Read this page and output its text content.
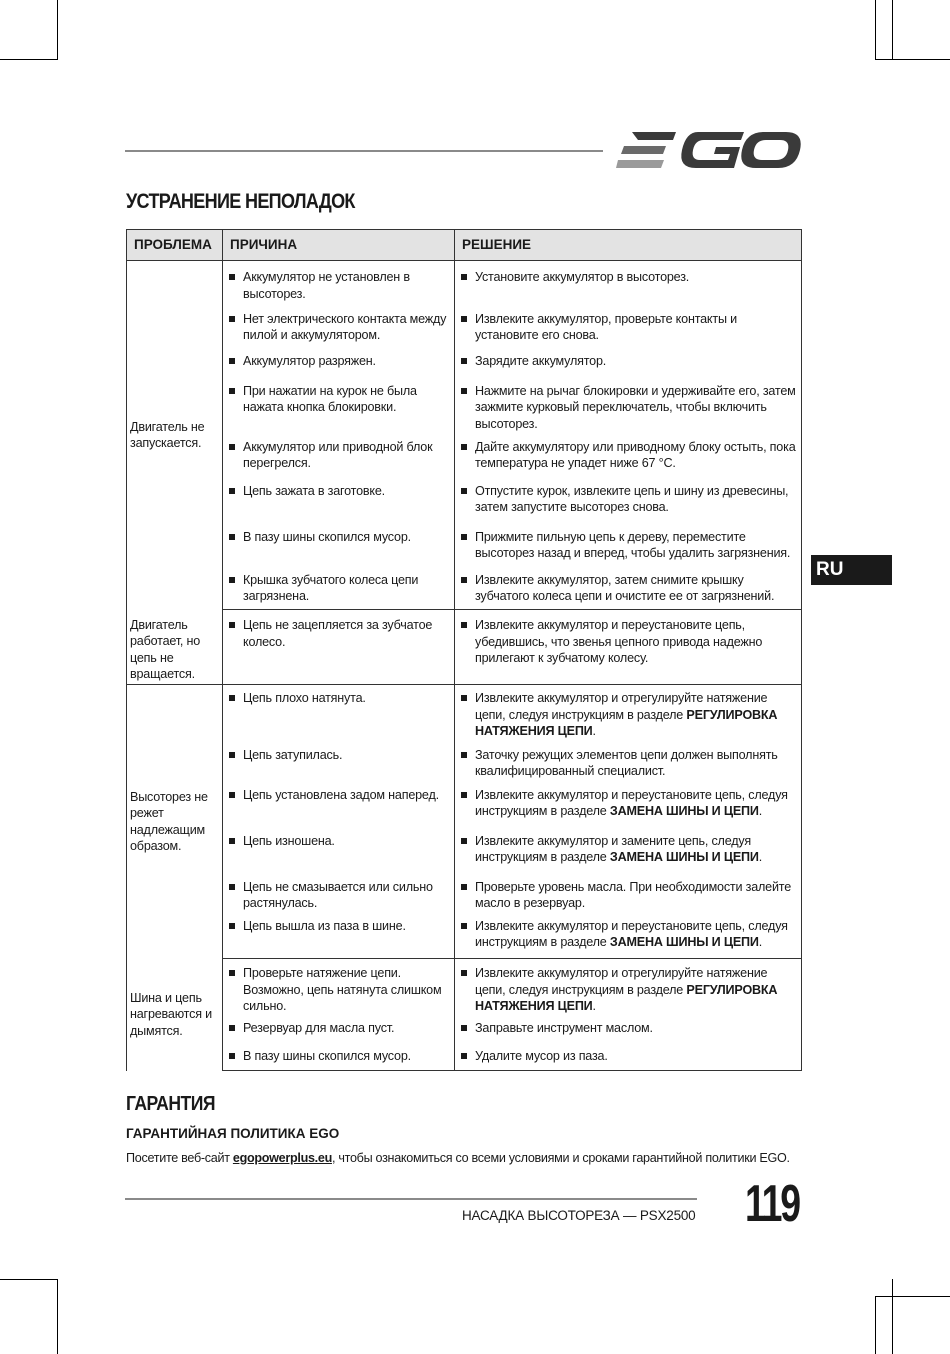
УСТРАНЕНИЕ НЕПОЛАДОК
ПРОБЛЕМА	ПРИЧИНА	РЕШЕНИЕ
Двигатель не запускается.	Аккумулятор не установлен в высоторез.	Установите аккумулятор в высоторез.

	Нет электрического контакта между пилой и аккумулятором.	Извлеките аккумулятор, проверьте контакты и установите его снова.

	Аккумулятор разряжен.	Зарядите аккумулятор.

	При нажатии на курок не была нажата кнопка блокировки.	Нажмите на рычаг блокировки и удерживайте его, затем зажмите курковый переключатель, чтобы включить высоторез.

	Аккумулятор или приводной блок перегрелся.	Дайте аккумулятору или приводному блоку остыть, пока температура не упадет ниже 67 °C.

	Цепь зажата в заготовке.	Отпустите курок, извлеките цепь и шину из древесины, затем запустите высоторез снова.

	В пазу шины скопился мусор.	Прижмите пильную цепь к дереву, переместите высоторез назад и вперед, чтобы удалить загрязнения.

	Крышка зубчатого колеса цепи загрязнена.	Извлеките аккумулятор, затем снимите крышку зубчатого колеса цепи и очистите ее от загрязнений.

Двигатель работает, но цепь не вращается.	Цепь не зацепляется за зубчатое колесо.	Извлеките аккумулятор и переустановите цепь, убедившись, что звенья цепного привода надежно прилегают к зубчатому колесу.

Высоторез не режет надлежащим образом.	Цепь плохо натянута.	Извлеките аккумулятор и отрегулируйте натяжение цепи, следуя инструкциям в разделе РЕГУЛИРОВКА НАТЯЖЕНИЯ ЦЕПИ.

	Цепь затупилась.	Заточку режущих элементов цепи должен выполнять квалифицированный специалист.

	Цепь установлена задом наперед.	Извлеките аккумулятор и переустановите цепь, следуя инструкциям в разделе ЗАМЕНА ШИНЫ И ЦЕПИ.

	Цепь изношена.	Извлеките аккумулятор и замените цепь, следуя инструкциям в разделе ЗАМЕНА ШИНЫ И ЦЕПИ.

	Цепь не смазывается или сильно растянулась.	Проверьте уровень масла. При необходимости залейте масло в резервуар.

	Цепь вышла из паза в шине.	Извлеките аккумулятор и переустановите цепь, следуя инструкциям в разделе ЗАМЕНА ШИНЫ И ЦЕПИ.

Шина и цепь нагреваются и дымятся.	Проверьте натяжение цепи. Возможно, цепь натянута слишком сильно.	Извлеките аккумулятор и отрегулируйте натяжение цепи, следуя инструкциям в разделе РЕГУЛИРОВКА НАТЯЖЕНИЯ ЦЕПИ.

	Резервуар для масла пуст.	Заправьте инструмент маслом.

	В пазу шины скопился мусор.	Удалите мусор из паза.
RU
ГАРАНТИЯ
ГАРАНТИЙНАЯ ПОЛИТИКА EGO
Посетите веб-сайт egopowerplus.eu, чтобы ознакомиться со всеми условиями и сроками гарантийной политики EGO.
НАСАДКА ВЫСОТОРЕЗА — PSX2500 119
